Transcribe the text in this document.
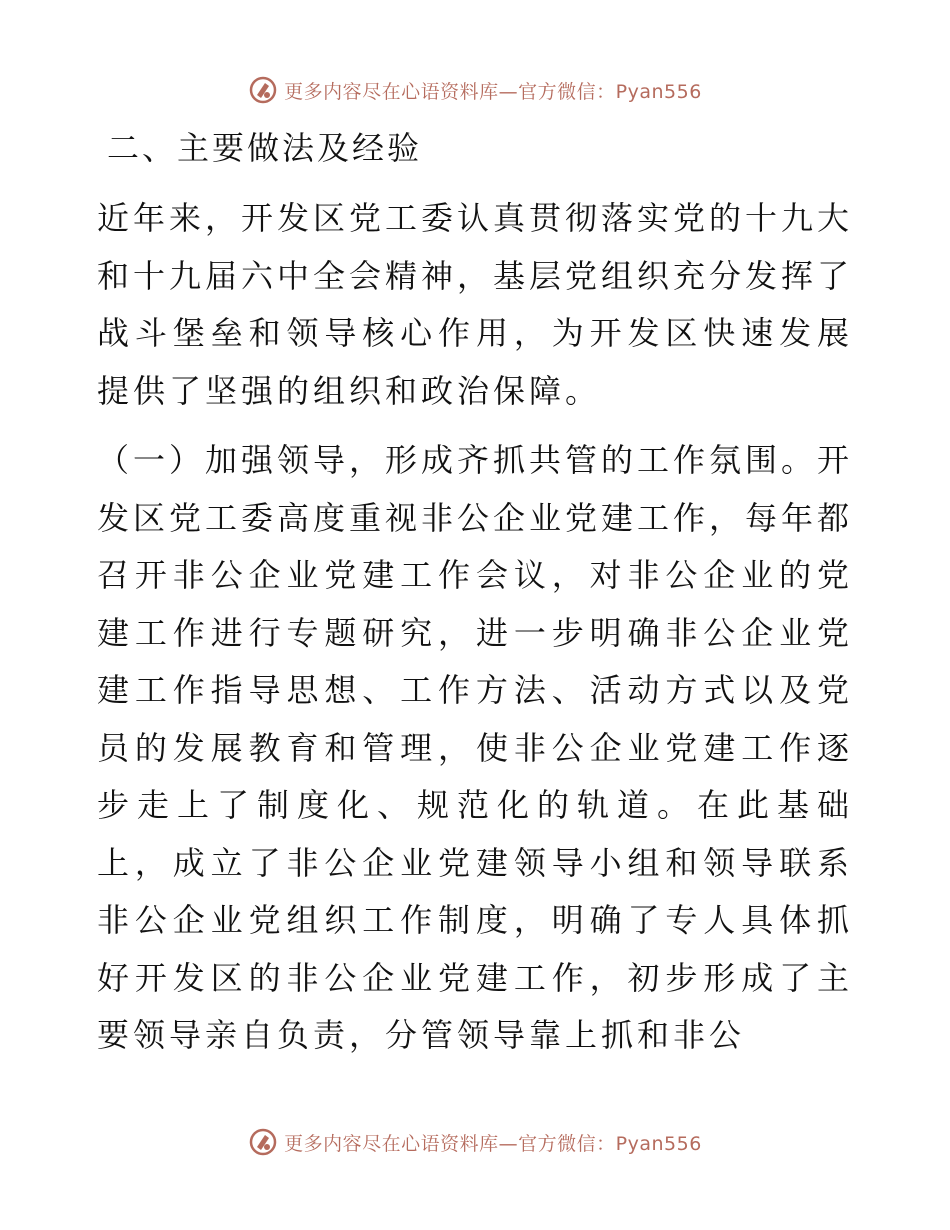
更多内容尽在心语资料库—官方微信：Pyan556
二、主要做法及经验
近年来，开发区党工委认真贯彻落实党的十九大和十九届六中全会精神，基层党组织充分发挥了战斗堡垒和领导核心作用，为开发区快速发展提供了坚强的组织和政治保障。
（一）加强领导，形成齐抓共管的工作氛围。开发区党工委高度重视非公企业党建工作，每年都召开非公企业党建工作会议，对非公企业的党建工作进行专题研究，进一步明确非公企业党建工作指导思想、工作方法、活动方式以及党员的发展教育和管理，使非公企业党建工作逐步走上了制度化、规范化的轨道。在此基础上，成立了非公企业党建领导小组和领导联系非公企业党组织工作制度，明确了专人具体抓好开发区的非公企业党建工作，初步形成了主要领导亲自负责，分管领导靠上抓和非公
更多内容尽在心语资料库—官方微信：Pyan556
